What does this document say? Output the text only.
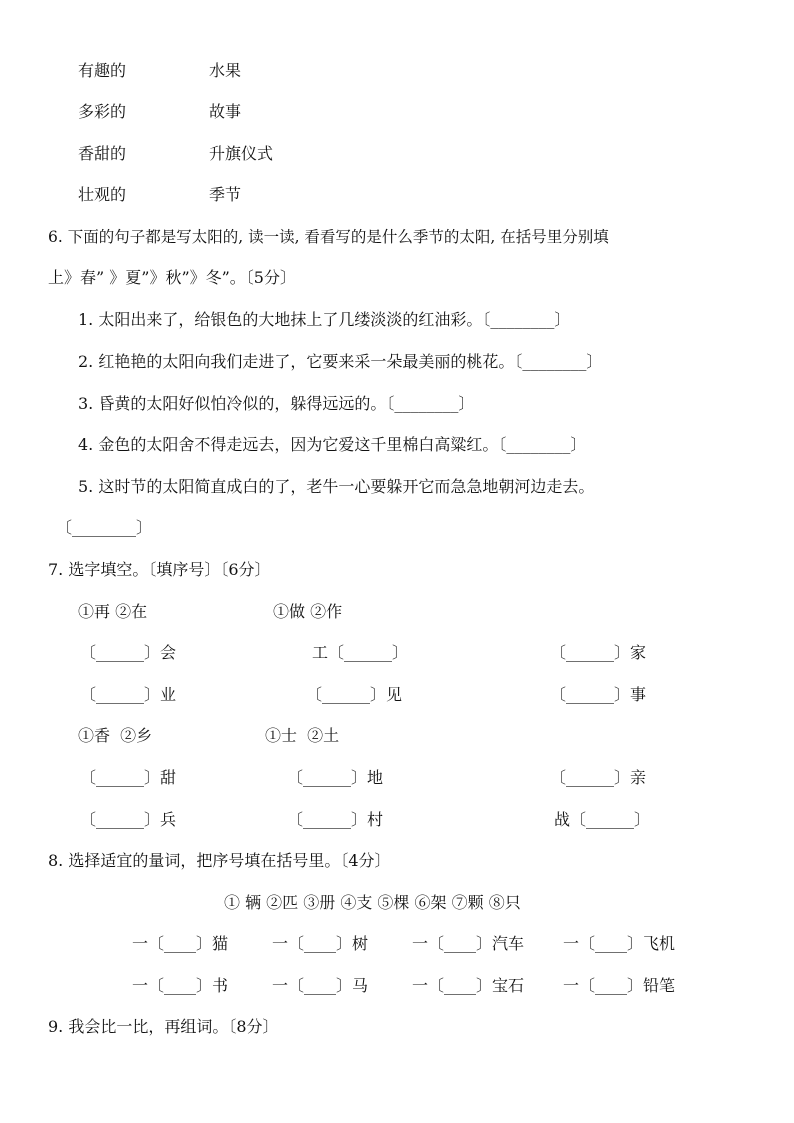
有趣的	水果
多彩的	故事
香甜的	升旗仪式
壮观的	季节
6. 下面的句子都是写太阳的, 读一读, 看看写的是什么季节的太阳, 在括号里分别填
上》春” 》夏”》秋”》冬”。〔5分〕
1. 太阳出来了，给银色的大地抹上了几缕淡淡的红油彩。〔________〕
2. 红艳艳的太阳向我们走进了，它要来采一朵最美丽的桃花。〔________〕
3. 昏黄的太阳好似怕冷似的，躲得远远的。〔________〕
4. 金色的太阳舍不得走远去，因为它爱这千里棉白高粱红。〔________〕
5. 这时节的太阳简直成白的了，老牛一心要躲开它而急急地朝河边走去。
〔________〕
7. 选字填空。〔填序号〕〔6分〕
①再 ②在	①做 ②作
〔______〕会	工〔______〕	〔______〕家
〔______〕业	〔______〕见	〔______〕事
①香  ②乡	①士  ②土
〔______〕甜	〔______〕地	〔______〕亲
〔______〕兵	〔______〕村	战〔______〕
8. 选择适宜的量词，把序号填在括号里。〔4分〕
① 辆 ②匹 ③册 ④支 ⑤棵 ⑥架 ⑦颗 ⑧只
一〔____〕猫	一〔____〕树	一〔____〕汽车 一〔____〕飞机
一〔____〕书	一〔____〕马	一〔____〕宝石 一〔____〕铅笔
9. 我会比一比，再组词。〔8分〕
